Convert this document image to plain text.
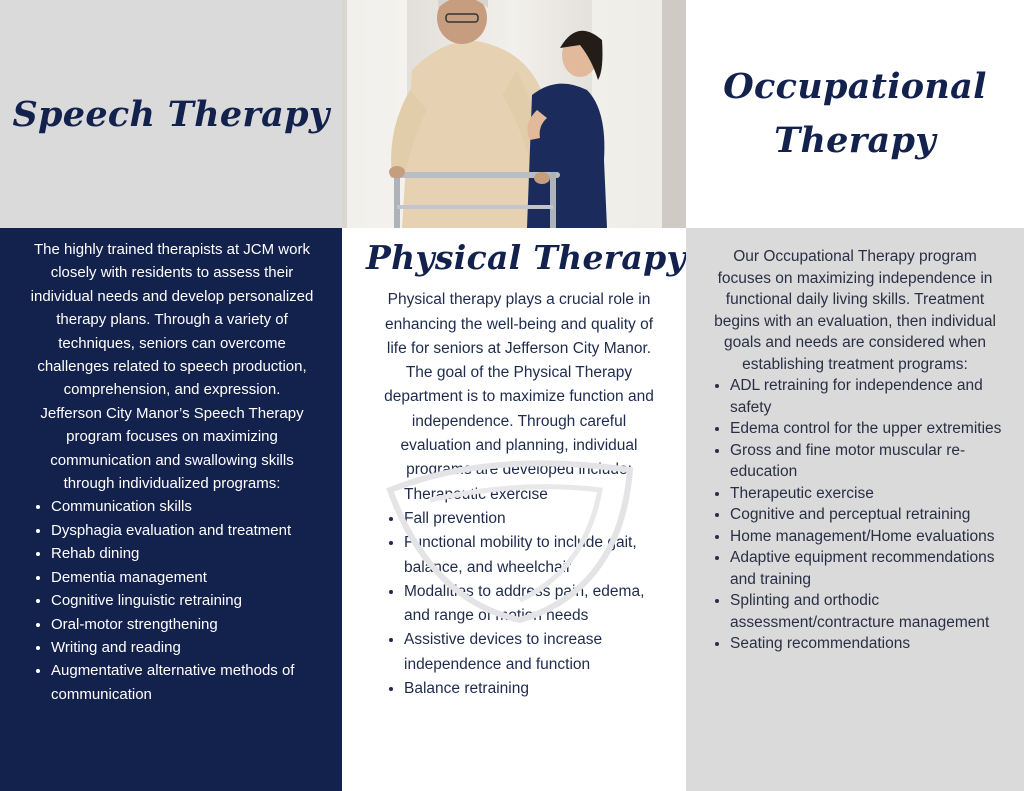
Speech Therapy
Occupational
Therapy

The highly trained therapists at JCM work closely with residents to assess their individual needs and develop personalized therapy plans. Through a variety of techniques, seniors can overcome challenges related to speech production, comprehension, and expression.

Jefferson City Manor’s Speech Therapy program focuses on maximizing communication and swallowing skills through individualized programs:

• Communication skills
• Dysphagia evaluation and treatment
• Rehab dining
• Dementia management
• Cognitive linguistic retraining
• Oral-motor strengthening
• Writing and reading
• Augmentative alternative methods of communication
Physical Therapy

Physical therapy plays a crucial role in enhancing the well-being and quality of life for seniors at Jefferson City Manor. The goal of the Physical Therapy department is to maximize function and independence. Through careful evaluation and planning, individual programs are developed include:

• Therapeutic exercise
• Fall prevention
• Functional mobility to include gait, balance, and wheelchair
• Modalities to address pain, edema, and range of motion needs
• Assistive devices to increase independence and function
• Balance retraining

Our Occupational Therapy program focuses on maximizing independence in functional daily living skills. Treatment begins with an evaluation, then individual goals and needs are considered when establishing treatment programs:

• ADL retraining for independence and safety
• Edema control for the upper extremities
• Gross and fine motor muscular re-education
• Therapeutic exercise
• Cognitive and perceptual retraining
• Home management/Home evaluations
• Adaptive equipment recommendations and training
• Splinting and orthodic assessment/contracture management
• Seating recommendations
